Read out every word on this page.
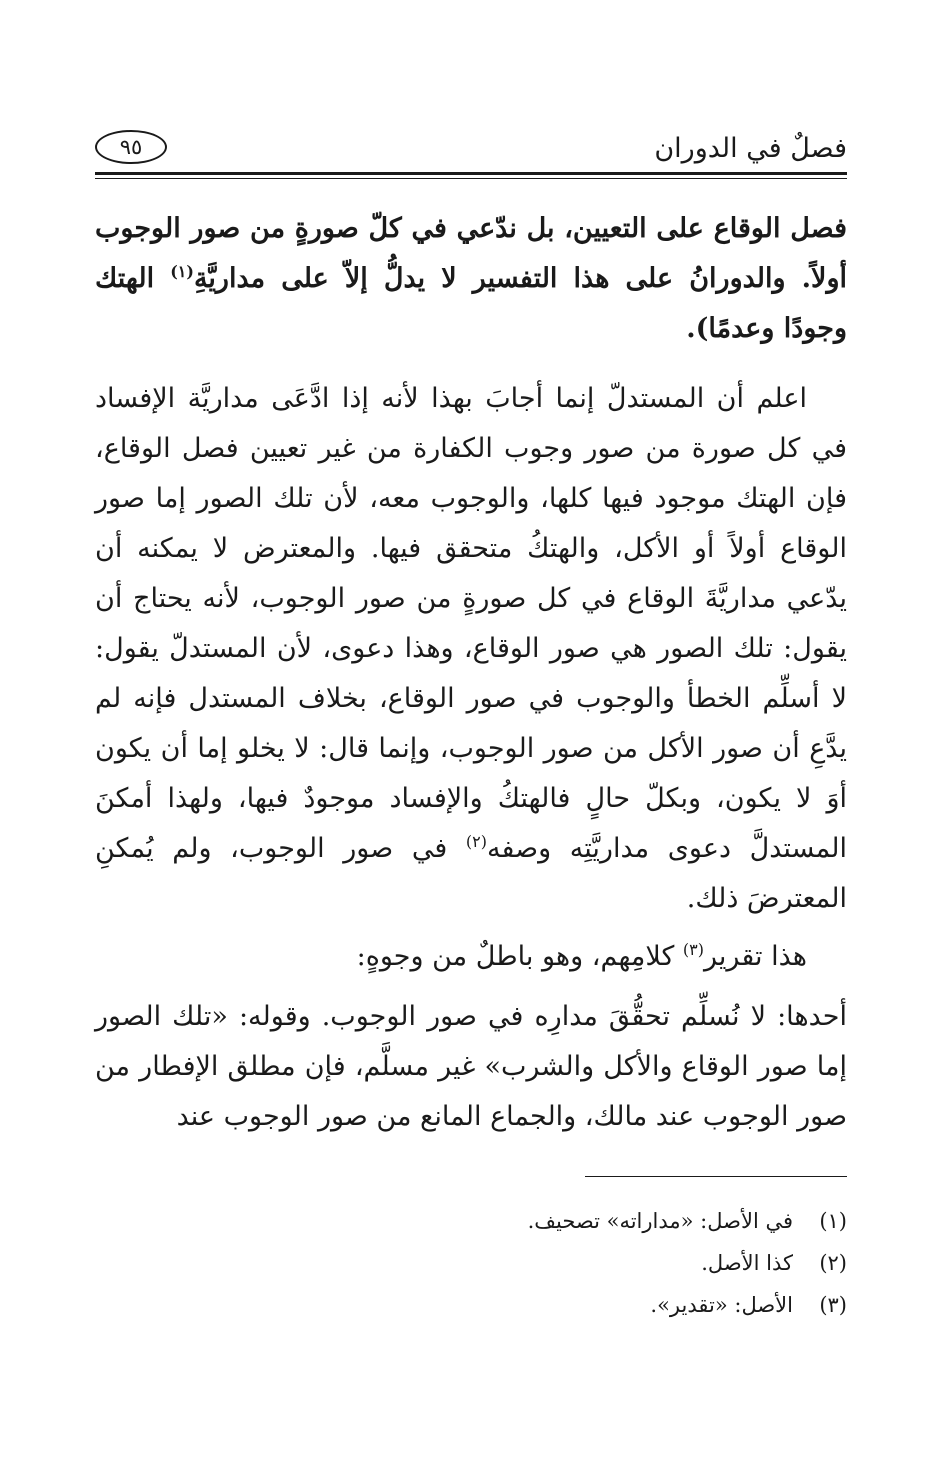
فصلٌ في الدوران
٩٥

فصل الوقاع على التعيين، بل ندّعي في كلّ صورةٍ من صور الوجوب أولاً. والدورانُ على هذا التفسير لا يدلُّ إلاّ على مداريَّةِ$^{(١)}$ الهتك وجودًا وعدمًا).

اعلم أن المستدلّ إنما أجابَ بهذا لأنه إذا ادَّعَى مداريَّة الإفساد في كل صورة من صور وجوب الكفارة من غير تعيين فصل الوقاع، فإن الهتك موجود فيها كلها، والوجوب معه، لأن تلك الصور إما صور الوقاع أولاً أو الأكل، والهتكُ متحقق فيها. والمعترض لا يمكنه أن يدّعي مداريَّةَ الوقاع في كل صورةٍ من صور الوجوب، لأنه يحتاج أن يقول: تلك الصور هي صور الوقاع، وهذا دعوى، لأن المستدلّ يقول: لا أسلِّم الخطأ والوجوب في صور الوقاع، بخلاف المستدل فإنه لم يدَّعِ أن صور الأكل من صور الوجوب، وإنما قال: لا يخلو إما أن يكون أوَ لا يكون، وبكلّ حالٍ فالهتكُ والإفساد موجودٌ فيها، ولهذا أمكنَ المستدلَّ دعوى مداريَّتِه وصفه$^{(٢)}$ في صور الوجوب، ولم يُمكنِ المعترضَ ذلك.

هذا تقرير$^{(٣)}$ كلامِهم، وهو باطلٌ من وجوهٍ:

أحدها: لا نُسلِّم تحقُّقَ مدارِه في صور الوجوب. وقوله: «تلك الصور إما صور الوقاع والأكل والشرب» غير مسلَّم، فإن مطلق الإفطار من صور الوجوب عند مالك، والجماع المانع من صور الوجوب عند

(١)في الأصل: «مداراته» تصحيف.
(٢)كذا الأصل.
(٣)الأصل: «تقدير».
